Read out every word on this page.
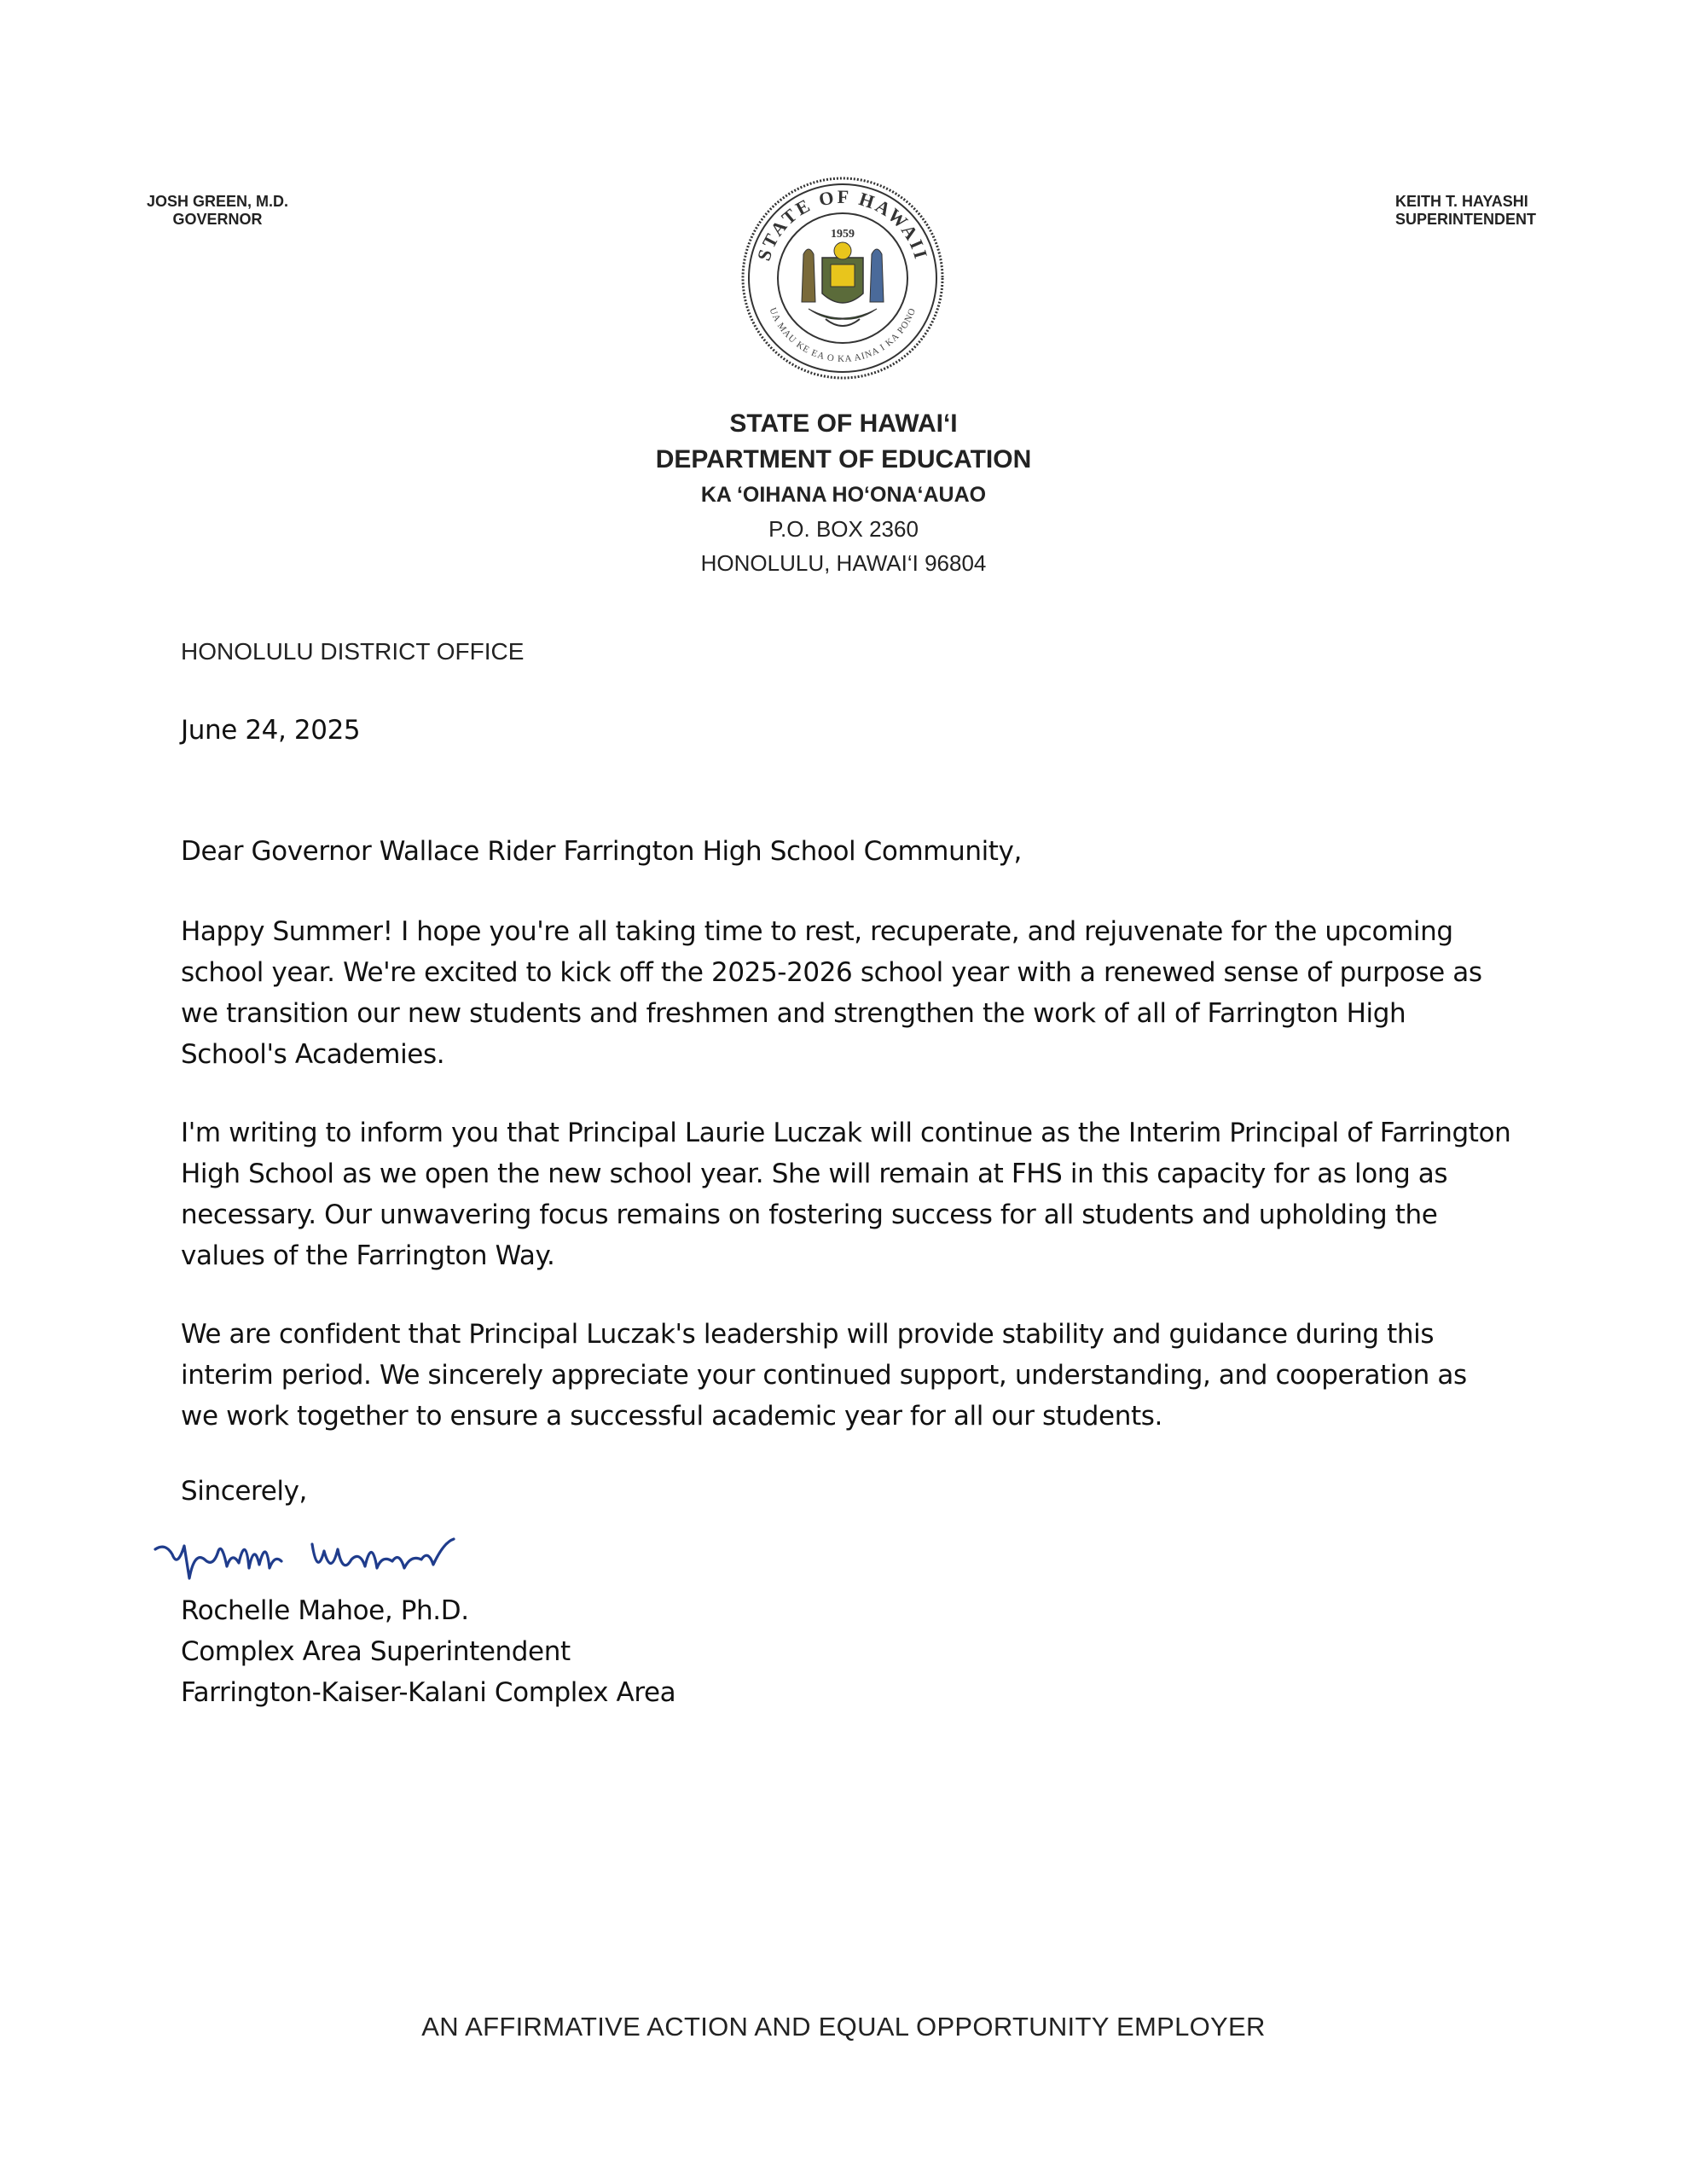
JOSH GREEN, M.D.
GOVERNOR
STATE OF HAWAII
UA MAU KE EA O KA AINA I KA PONO
1959
KEITH T. HAYASHI
SUPERINTENDENT
STATE OF HAWAI‘I
DEPARTMENT OF EDUCATION
KA ‘OIHANA HO‘ONA‘AUAO
P.O. BOX 2360
HONOLULU, HAWAI‘I 96804
HONOLULU DISTRICT OFFICE
June 24, 2025
Dear Governor Wallace Rider Farrington High School Community,

Happy Summer! I hope you're all taking time to rest, recuperate, and rejuvenate for the upcoming school year. We're excited to kick off the 2025-2026 school year with a renewed sense of purpose as we transition our new students and freshmen and strengthen the work of all of Farrington High School's Academies.

I'm writing to inform you that Principal Laurie Luczak will continue as the Interim Principal of Farrington High School as we open the new school year. She will remain at FHS in this capacity for as long as necessary. Our unwavering focus remains on fostering success for all students and upholding the values of the Farrington Way.

We are confident that Principal Luczak's leadership will provide stability and guidance during this interim period. We sincerely appreciate your continued support, understanding, and cooperation as we work together to ensure a successful academic year for all our students.

Sincerely,
Rochelle Mahoe, Ph.D.
Complex Area Superintendent
Farrington-Kaiser-Kalani Complex Area
AN AFFIRMATIVE ACTION AND EQUAL OPPORTUNITY EMPLOYER
